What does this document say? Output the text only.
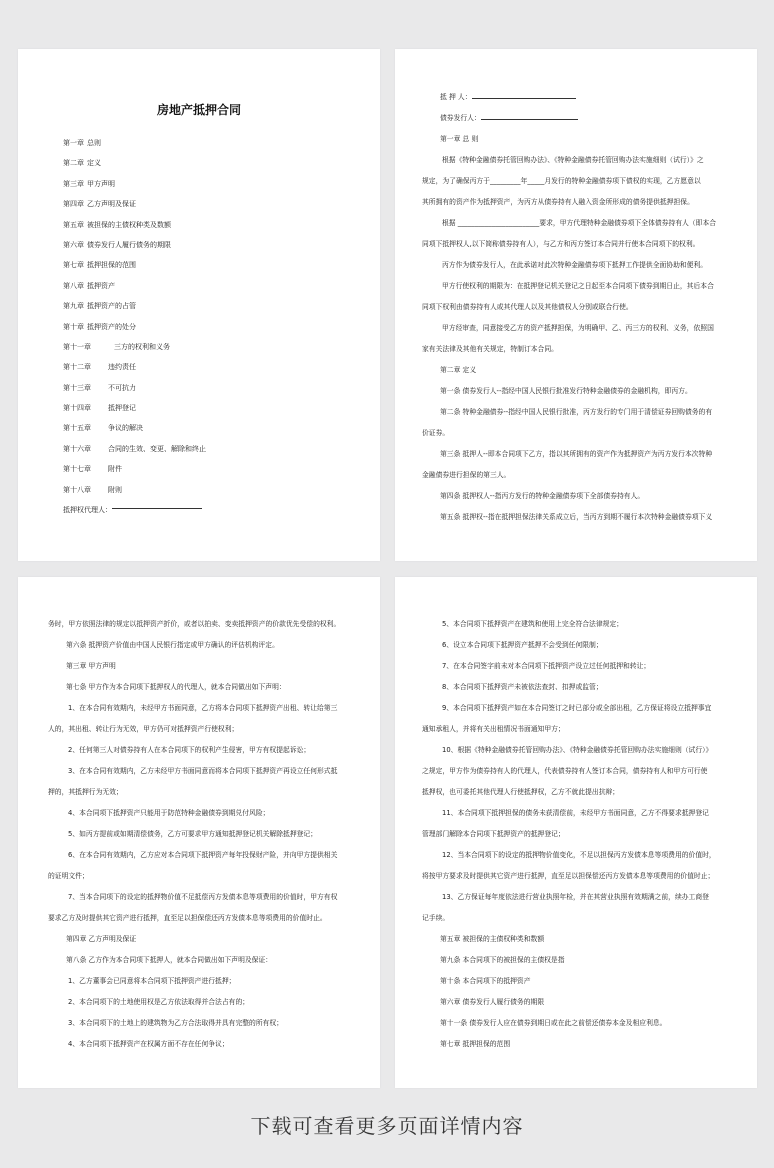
房地产抵押合同
第一章 总则
第二章 定义
第三章 甲方声明
第四章 乙方声明及保证
第五章 被担保的主债权种类及数额
第六章 债券发行人履行债务的期限
第七章 抵押担保的范围
第八章 抵押资产
第九章 抵押资产的占管
第十章 抵押资产的处分
第十一章	三方的权利和义务
第十二章	违约责任
第十三章	不可抗力
第十四章	抵押登记
第十五章	争议的解决
第十六章	合同的生效、变更、解除和终止
第十七章	附件
第十八章	附则
抵押权代理人：
抵 押 人：
债券发行人：
第一章 总 则
根据《特种金融债券托管回购办法》、《特种金融债券托管回购办法实施细则（试行）》之
规定，为了确保丙方于_________年_____月发行的特种金融债券项下债权的实现，乙方愿意以
其所拥有的资产作为抵押资产，为丙方从债券持有人融入资金所形成的债务提供抵押担保。
根据 ________________________要求，甲方代理特种金融债券项下全体债券持有人（即本合
同项下抵押权人,以下简称债券持有人），与乙方和丙方签订本合同并行使本合同项下的权利。
丙方作为债券发行人，在此承诺对此次特种金融债券项下抵押工作提供全面协助和便利。
甲方行使权利的期限为：在抵押登记机关登记之日起至本合同项下债券到期日止，其后本合
同项下权利由债券持有人或其代理人以及其他债权人分别或联合行使。
甲方经审查，同意接受乙方的资产抵押担保，为明确甲、乙、丙三方的权利、义务，依照国
家有关法律及其他有关规定，特制订本合同。
第二章 定义
第一条 债券发行人--指经中国人民银行批准发行特种金融债券的金融机构，即丙方。
第二条 特种金融债券--指经中国人民银行批准，丙方发行的专门用于清偿证券回购债务的有
价证券。
第三条 抵押人--即本合同项下乙方，指以其所拥有的资产作为抵押资产为丙方发行本次特种
金融债券进行担保的第三人。
第四条 抵押权人--指丙方发行的特种金融债券项下全部债券持有人。
第五条 抵押权--指在抵押担保法律关系成立后，当丙方到期不履行本次特种金融债券项下义
务时，甲方依照法律的规定以抵押资产折价，或者以拍卖、变卖抵押资产的价款优先受偿的权利。
第六条 抵押资产价值由中国人民银行指定或甲方确认的评估机构评定。
第三章 甲方声明
第七条 甲方作为本合同项下抵押权人的代理人，就本合同做出如下声明：
1、在本合同有效期内，未经甲方书面同意，乙方将本合同项下抵押资产出租、转让给第三
人的，其出租、转让行为无效，甲方仍可对抵押资产行使权利；
2、任何第三人对债券持有人在本合同项下的权利产生侵害，甲方有权提起诉讼；
3、在本合同有效期内，乙方未经甲方书面同意而将本合同项下抵押资产再设立任何形式抵
押的，其抵押行为无效；
4、本合同项下抵押资产只能用于防范特种金融债券到期兑付风险；
5、如丙方提前或如期清偿债务，乙方可要求甲方通知抵押登记机关解除抵押登记；
6、在本合同有效期内，乙方应对本合同项下抵押资产每年投保财产险，并向甲方提供相关
的证明文件；
7、当本合同项下的设定的抵押物价值不足抵偿丙方发债本息等项费用的价值时，甲方有权
要求乙方及时提供其它资产进行抵押，直至足以担保偿还丙方发债本息等项费用的价值时止。
第四章 乙方声明及保证
第八条 乙方作为本合同项下抵押人，就本合同做出如下声明及保证：
1、乙方董事会已同意将本合同项下抵押资产进行抵押；
2、本合同项下的土地使用权是乙方依法取得并合法占有的；
3、本合同项下的土地上的建筑物为乙方合法取得并具有完整的所有权；
4、本合同项下抵押资产在权属方面不存在任何争议；
5、本合同项下抵押资产在建筑和使用上完全符合法律规定；
6、设立本合同项下抵押资产抵押不会受到任何限制；
7、在本合同签字前未对本合同项下抵押资产设立过任何抵押和转让；
8、本合同项下抵押资产未被依法查封、扣押或监管；
9、本合同项下抵押资产如在本合同签订之时已部分或全部出租，乙方保证将设立抵押事宜
通知承租人，并将有关出租情况书面通知甲方；
10、根据《特种金融债券托管回购办法》、《特种金融债券托管回购办法实施细则（试行）》
之规定，甲方作为债券持有人的代理人，代表债券持有人签订本合同，债券持有人和甲方可行使
抵押权，也可委托其他代理人行使抵押权，乙方不就此提出抗辩；
11、本合同项下抵押担保的债务未获清偿前，未经甲方书面同意，乙方不得要求抵押登记
管理部门解除本合同项下抵押资产的抵押登记；
12、当本合同项下的设定的抵押物价值变化，不足以担保丙方发债本息等项费用的价值时，
将按甲方要求及时提供其它资产进行抵押，直至足以担保偿还丙方发债本息等项费用的价值时止；
13、乙方保证每年度依法进行营业执照年检，并在其营业执照有效期满之前，续办工商登
记手续。
第五章 被担保的主债权种类和数额
第九条 本合同项下的被担保的主债权是指
第十条 本合同项下的抵押资产
第六章 债券发行人履行债务的期限
第十一条 债券发行人应在债券到期日或在此之前偿还债券本金及相应利息。
第七章 抵押担保的范围
下载可查看更多页面详情内容
